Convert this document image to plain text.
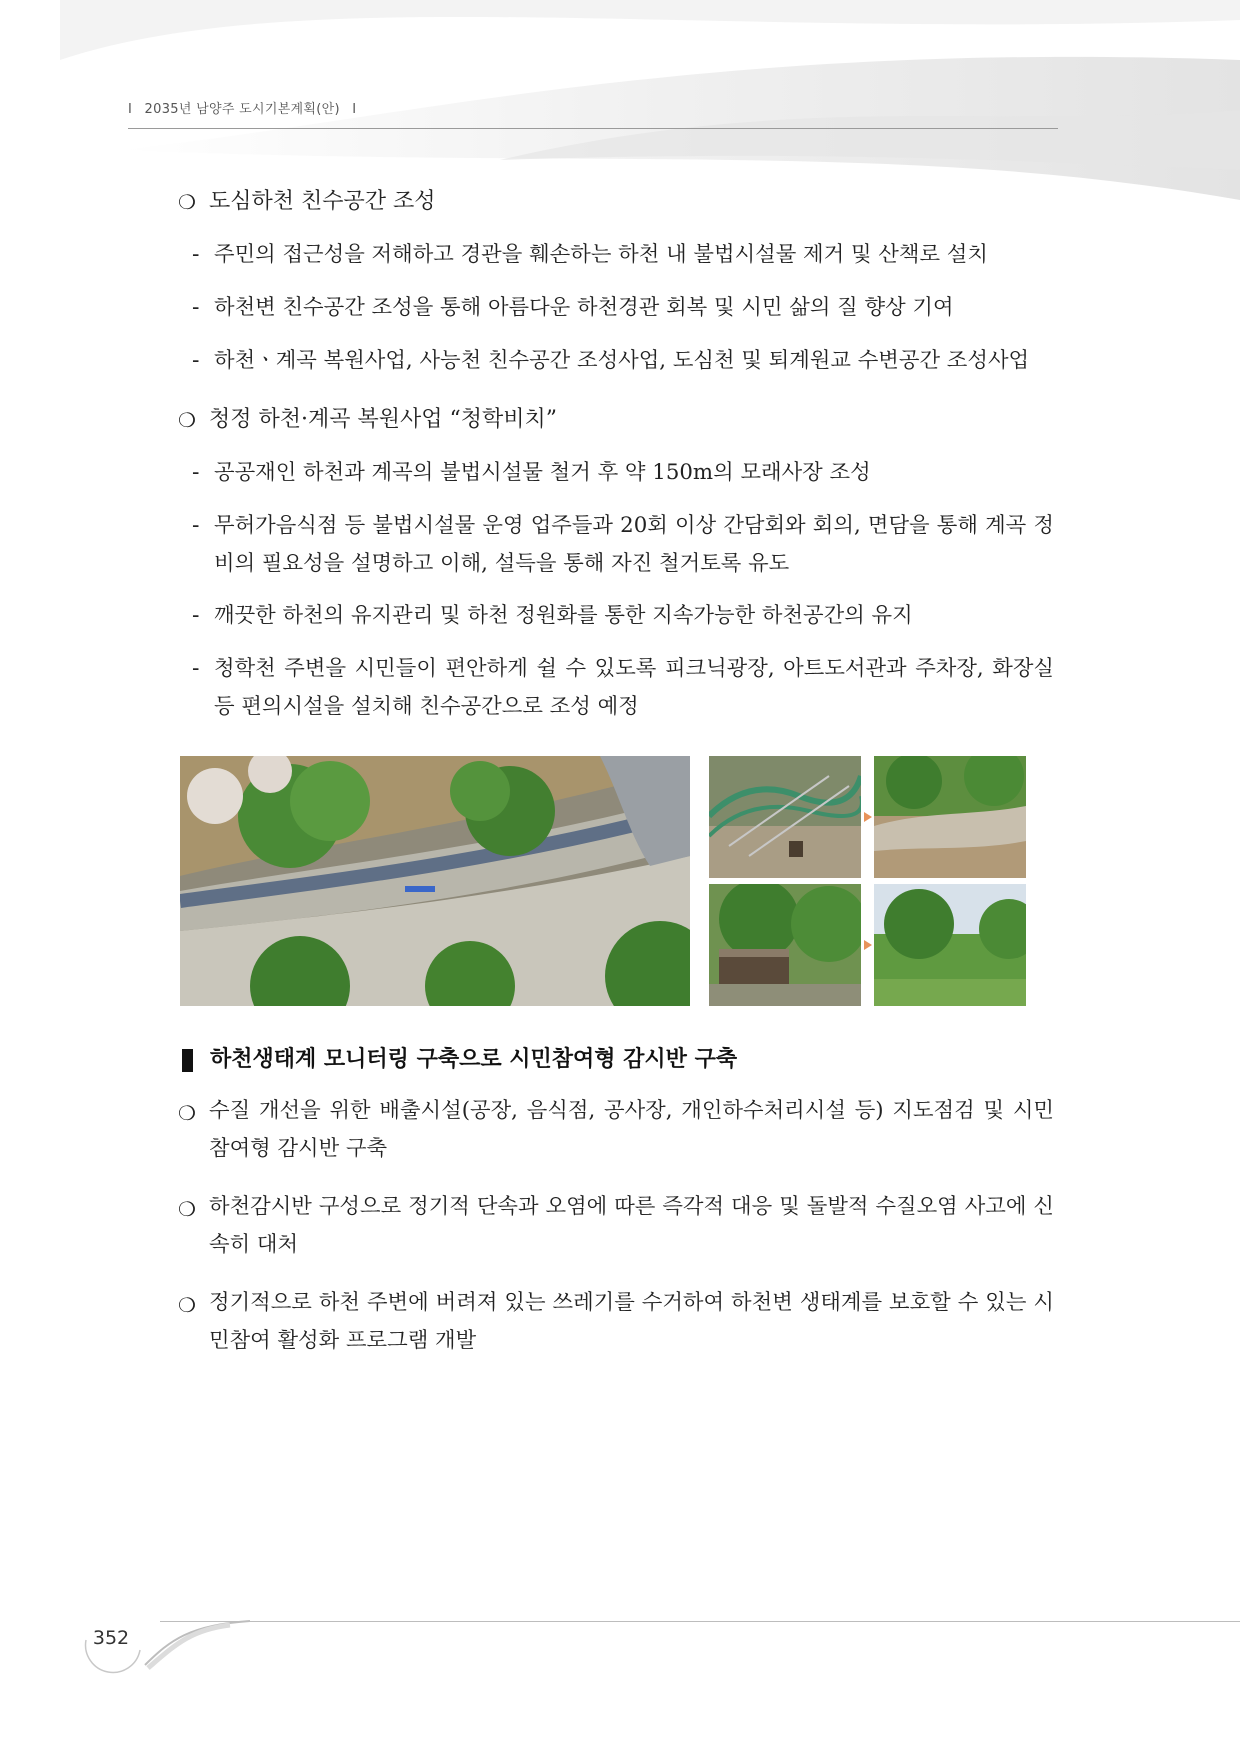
Ι 2035년 남양주 도시기본계획(안) Ι
❍ 도심하천 친수공간 조성
- 주민의 접근성을 저해하고 경관을 훼손하는 하천 내 불법시설물 제거 및 산책로 설치
- 하천변 친수공간 조성을 통해 아름다운 하천경관 회복 및 시민 삶의 질 향상 기여
- 하천ㆍ계곡 복원사업, 사능천 친수공간 조성사업, 도심천 및 퇴계원교 수변공간 조성사업
❍ 청정 하천·계곡 복원사업 “청학비치”
- 공공재인 하천과 계곡의 불법시설물 철거 후 약 150m의 모래사장 조성
- 무허가음식점 등 불법시설물 운영 업주들과 20회 이상 간담회와 회의, 면담을 통해 계곡 정비의 필요성을 설명하고 이해, 설득을 통해 자진 철거토록 유도
- 깨끗한 하천의 유지관리 및 하천 정원화를 통한 지속가능한 하천공간의 유지
- 청학천 주변을 시민들이 편안하게 쉴 수 있도록 피크닉광장, 아트도서관과 주차장, 화장실 등 편의시설을 설치해 친수공간으로 조성 예정
하천생태계 모니터링 구축으로 시민참여형 감시반 구축
❍ 수질 개선을 위한 배출시설(공장, 음식점, 공사장, 개인하수처리시설 등) 지도점검 및 시민 참여형 감시반 구축
❍ 하천감시반 구성으로 정기적 단속과 오염에 따른 즉각적 대응 및 돌발적 수질오염 사고에 신속히 대처
❍ 정기적으로 하천 주변에 버려져 있는 쓰레기를 수거하여 하천변 생태계를 보호할 수 있는 시민참여 활성화 프로그램 개발
352
